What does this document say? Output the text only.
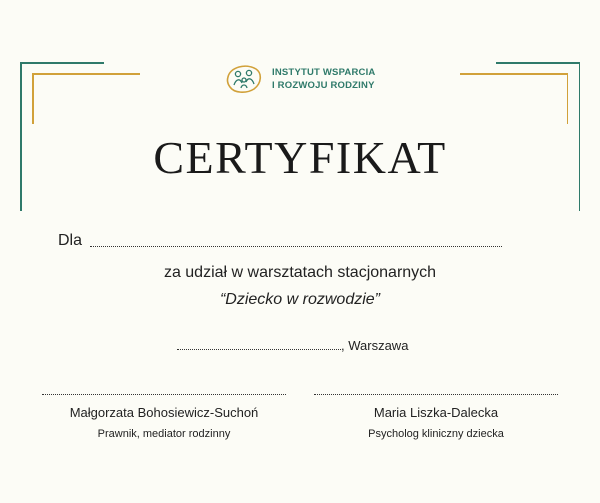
INSTYTUT WSPARCIA
I ROZWOJU RODZINY
CERTYFIKAT
Dla
za udział w warsztatach stacjonarnych
“Dziecko w rozwodzie”
, Warszawa
Małgorzata Bohosiewicz-Suchoń
Prawnik, mediator rodzinny
Maria Liszka-Dalecka
Psycholog kliniczny dziecka
